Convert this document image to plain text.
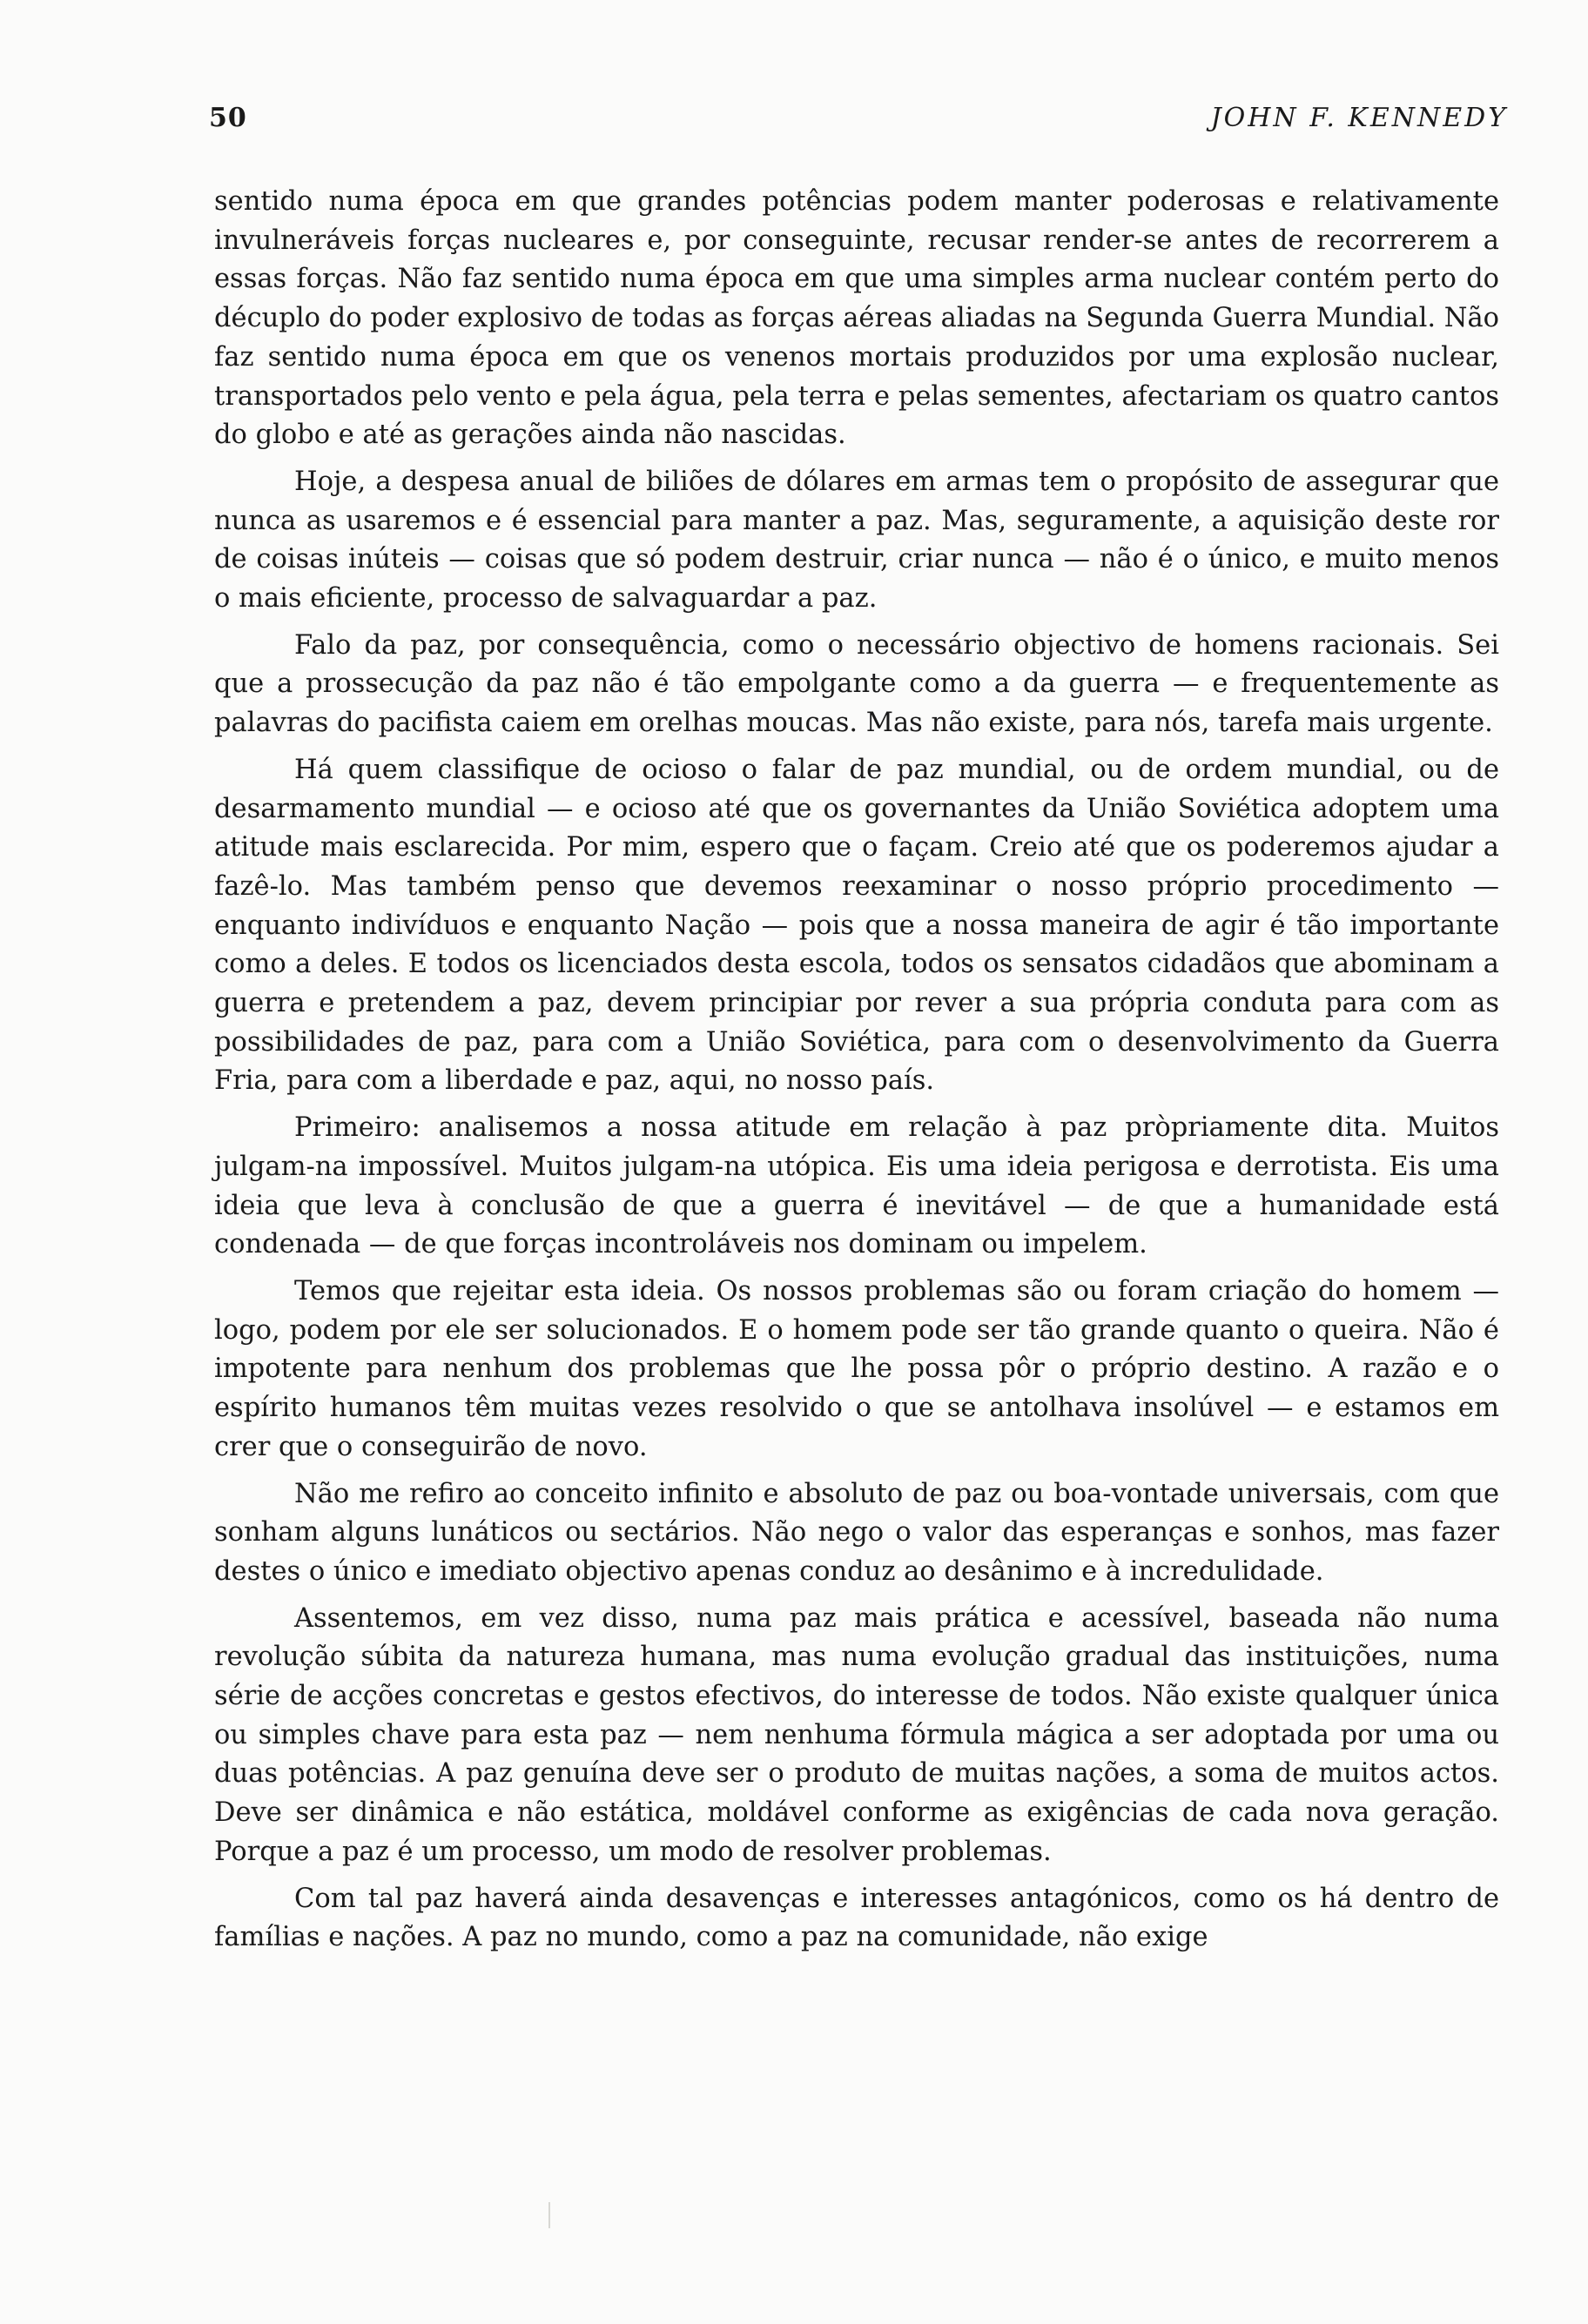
50	JOHN F. KENNEDY

sentido numa época em que grandes potências podem manter poderosas e relativamente invulneráveis forças nucleares e, por conseguinte, recusar render-se antes de recorrerem a essas forças. Não faz sentido numa época em que uma simples arma nuclear contém perto do décuplo do poder explosivo de todas as forças aéreas aliadas na Segunda Guerra Mundial. Não faz sentido numa época em que os venenos mortais produzidos por uma explosão nuclear, transportados pelo vento e pela água, pela terra e pelas sementes, afectariam os quatro cantos do globo e até as gerações ainda não nascidas.

Hoje, a despesa anual de biliões de dólares em armas tem o propósito de assegurar que nunca as usaremos e é essencial para manter a paz. Mas, seguramente, a aquisição deste ror de coisas inúteis — coisas que só podem destruir, criar nunca — não é o único, e muito menos o mais eficiente, processo de salvaguardar a paz.

Falo da paz, por consequência, como o necessário objectivo de homens racionais. Sei que a prossecução da paz não é tão empolgante como a da guerra — e frequentemente as palavras do pacifista caiem em orelhas moucas. Mas não existe, para nós, tarefa mais urgente.

Há quem classifique de ocioso o falar de paz mundial, ou de ordem mundial, ou de desarmamento mundial — e ocioso até que os governantes da União Soviética adoptem uma atitude mais esclarecida. Por mim, espero que o façam. Creio até que os poderemos ajudar a fazê-lo. Mas também penso que devemos reexaminar o nosso próprio procedimento — enquanto indivíduos e enquanto Nação — pois que a nossa maneira de agir é tão importante como a deles. E todos os licenciados desta escola, todos os sensatos cidadãos que abominam a guerra e pretendem a paz, devem principiar por rever a sua própria conduta para com as possibilidades de paz, para com a União Soviética, para com o desenvolvimento da Guerra Fria, para com a liberdade e paz, aqui, no nosso país.

Primeiro: analisemos a nossa atitude em relação à paz pròpriamente dita. Muitos julgam-na impossível. Muitos julgam-na utópica. Eis uma ideia perigosa e derrotista. Eis uma ideia que leva à conclusão de que a guerra é inevitável — de que a humanidade está condenada — de que forças incontroláveis nos dominam ou impelem.

Temos que rejeitar esta ideia. Os nossos problemas são ou foram criação do homem — logo, podem por ele ser solucionados. E o homem pode ser tão grande quanto o queira. Não é impotente para nenhum dos problemas que lhe possa pôr o próprio destino. A razão e o espírito humanos têm muitas vezes resolvido o que se antolhava insolúvel — e estamos em crer que o conseguirão de novo.

Não me refiro ao conceito infinito e absoluto de paz ou boa-vontade universais, com que sonham alguns lunáticos ou sectários. Não nego o valor das esperanças e sonhos, mas fazer destes o único e imediato objectivo apenas conduz ao desânimo e à incredulidade.

Assentemos, em vez disso, numa paz mais prática e acessível, baseada não numa revolução súbita da natureza humana, mas numa evolução gradual das instituições, numa série de acções concretas e gestos efectivos, do interesse de todos. Não existe qualquer única ou simples chave para esta paz — nem nenhuma fórmula mágica a ser adoptada por uma ou duas potências. A paz genuína deve ser o produto de muitas nações, a soma de muitos actos. Deve ser dinâmica e não estática, moldável conforme as exigências de cada nova geração. Porque a paz é um processo, um modo de resolver problemas.

Com tal paz haverá ainda desavenças e interesses antagónicos, como os há dentro de famílias e nações. A paz no mundo, como a paz na comunidade, não exige
